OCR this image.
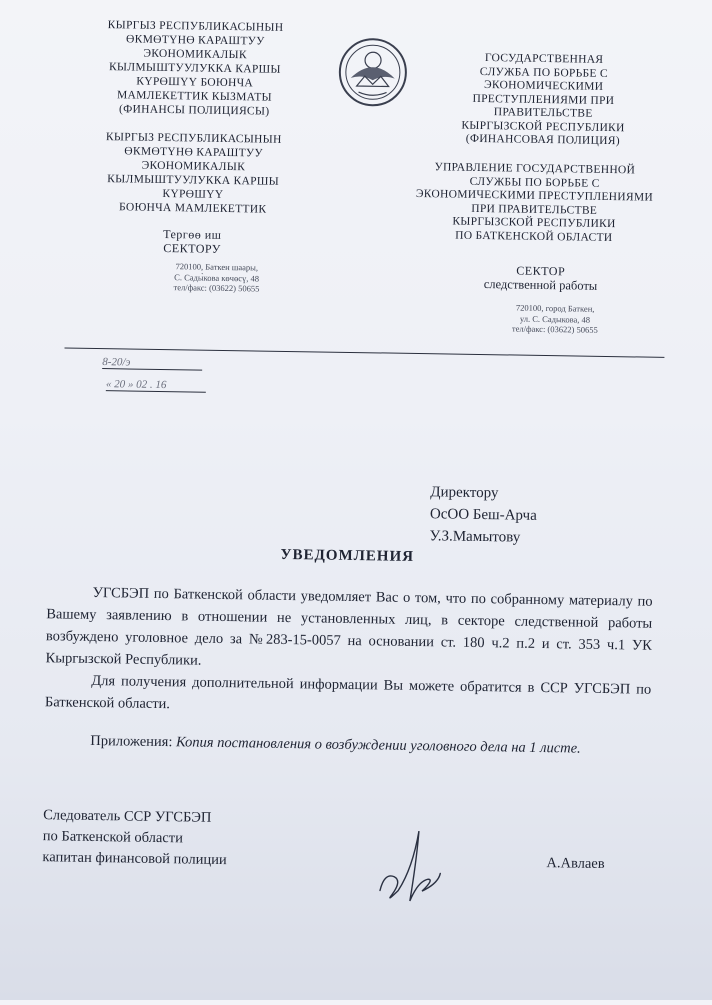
КЫРГЫЗ РЕСПУБЛИКАСЫНЫН
ӨКМӨТҮНӨ КАРАШТУУ
ЭКОНОМИКАЛЫК
КЫЛМЫШТУУЛУККА КАРШЫ
КҮРӨШҮҮ БОЮНЧА
МАМЛЕКЕТТИК КЫЗМАТЫ
(ФИНАНСЫ ПОЛИЦИЯСЫ)
КЫРГЫЗ РЕСПУБЛИКАСЫНЫН
ӨКМӨТҮНӨ КАРАШТУУ
ЭКОНОМИКАЛЫК
КЫЛМЫШТУУЛУККА КАРШЫ
КҮРӨШҮҮ
БОЮНЧА МАМЛЕКЕТТИК
Тергөө иш
СЕКТОРУ
720100, Баткен шаары,
С. Сады̀кова көчөсү, 48
тел/факс: (03622) 50655
ГОСУДАРСТВЕННАЯ
СЛУЖБА ПО БОРЬБЕ С
ЭКОНОМИЧЕСКИМИ
ПРЕСТУПЛЕНИЯМИ ПРИ
ПРАВИТЕЛЬСТВЕ
КЫРГЫЗСКОЙ РЕСПУБЛИКИ
(ФИНАНСОВАЯ ПОЛИЦИЯ)
УПРАВЛЕНИЕ ГОСУДАРСТВЕННОЙ
СЛУЖБЫ ПО БОРЬБЕ С
ЭКОНОМИЧЕСКИМИ ПРЕСТУПЛЕНИЯМИ
ПРИ ПРАВИТЕЛЬСТВЕ
КЫРГЫЗСКОЙ РЕСПУБЛИКИ
ПО БАТКЕНСКОЙ ОБЛАСТИ
СЕКТОР
следственной работы
720100, город Баткен,
ул. С. Садыкова, 48
тел/факс: (03622) 50655
8-20/э
« 20 » 02 . 16
Директору
ОсОО Беш-Арча
У.З.Мамытову
УВЕДОМЛЕНИЯ

УГСБЭП по Баткенской области уведомляет Вас о том, что по собранному материалу по Вашему заявлению в отношении не установленных лиц, в секторе следственной работы возбуждено уголовное дело за №283-15-0057 на основании ст. 180 ч.2 п.2 и ст. 353 ч.1 УК Кыргызской Республики.

Для получения дополнительной информации Вы можете обратится в ССР УГСБЭП по Баткенской области.

Приложения: Копия постановления о возбуждении уголовного дела на 1 листе.
Следователь ССР УГСБЭП
по Баткенской области
капитан финансовой полиции	А.Авлаев
